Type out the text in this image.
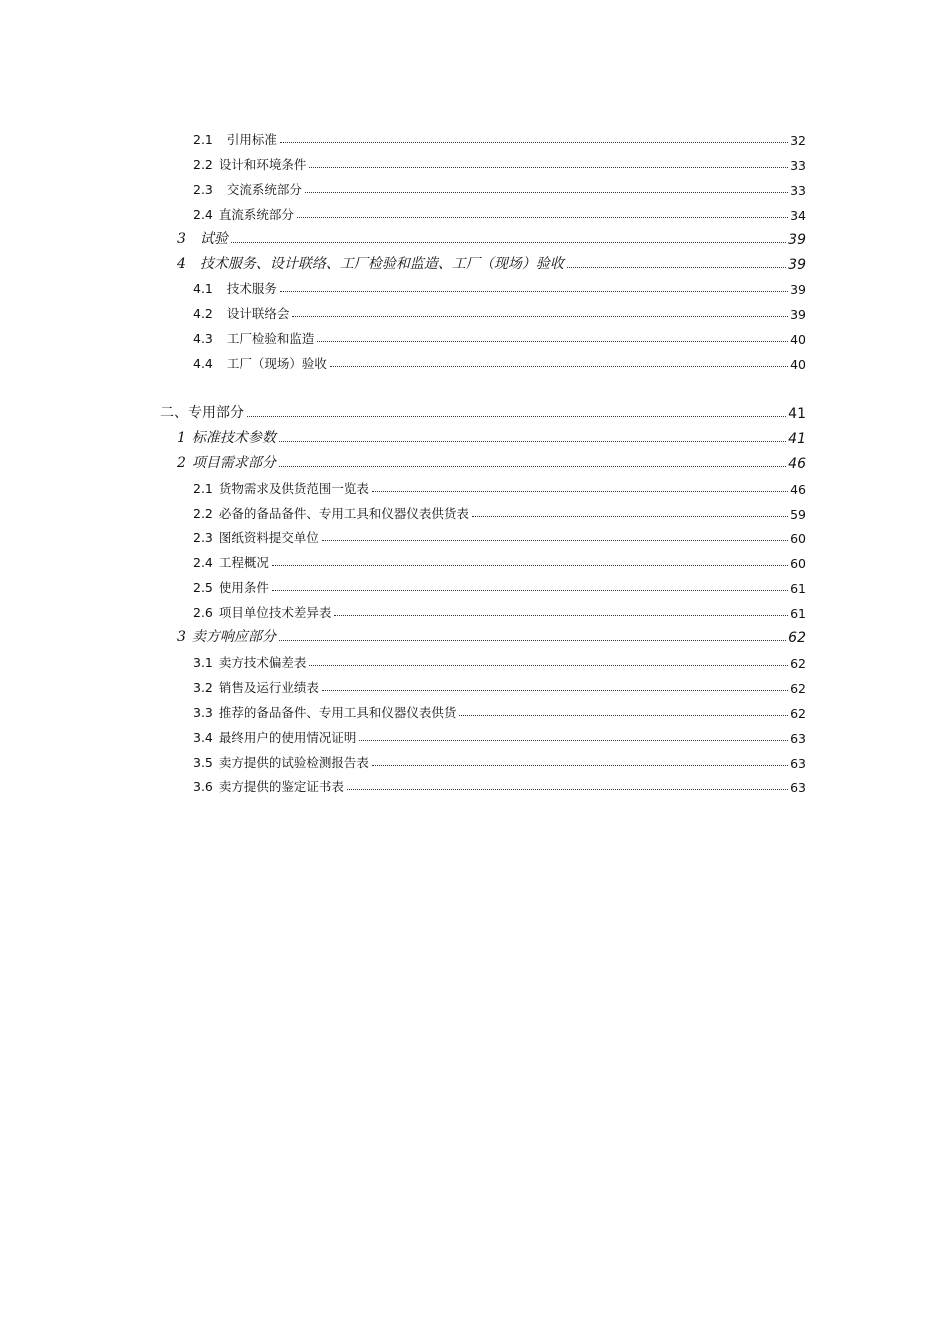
2.1 引用标准	32
2.2 设计和环境条件	33
2.3 交流系统部分	33
2.4 直流系统部分	34
3 试验	39
4 技术服务、设计联络、工厂检验和监造、工厂（现场）验收	39
4.1 技术服务	39
4.2 设计联络会	39
4.3 工厂检验和监造	40
4.4 工厂（现场）验收	40
二、专用部分	41
1 标准技术参数	41
2 项目需求部分	46
2.1 货物需求及供货范围一览表	46
2.2 必备的备品备件、专用工具和仪器仪表供货表	59
2.3 图纸资料提交单位	60
2.4 工程概况	60
2.5 使用条件	61
2.6 项目单位技术差异表	61
3 卖方响应部分	62
3.1 卖方技术偏差表	62
3.2 销售及运行业绩表	62
3.3 推荐的备品备件、专用工具和仪器仪表供货	62
3.4 最终用户的使用情况证明	63
3.5 卖方提供的试验检测报告表	63
3.6 卖方提供的鉴定证书表	63
